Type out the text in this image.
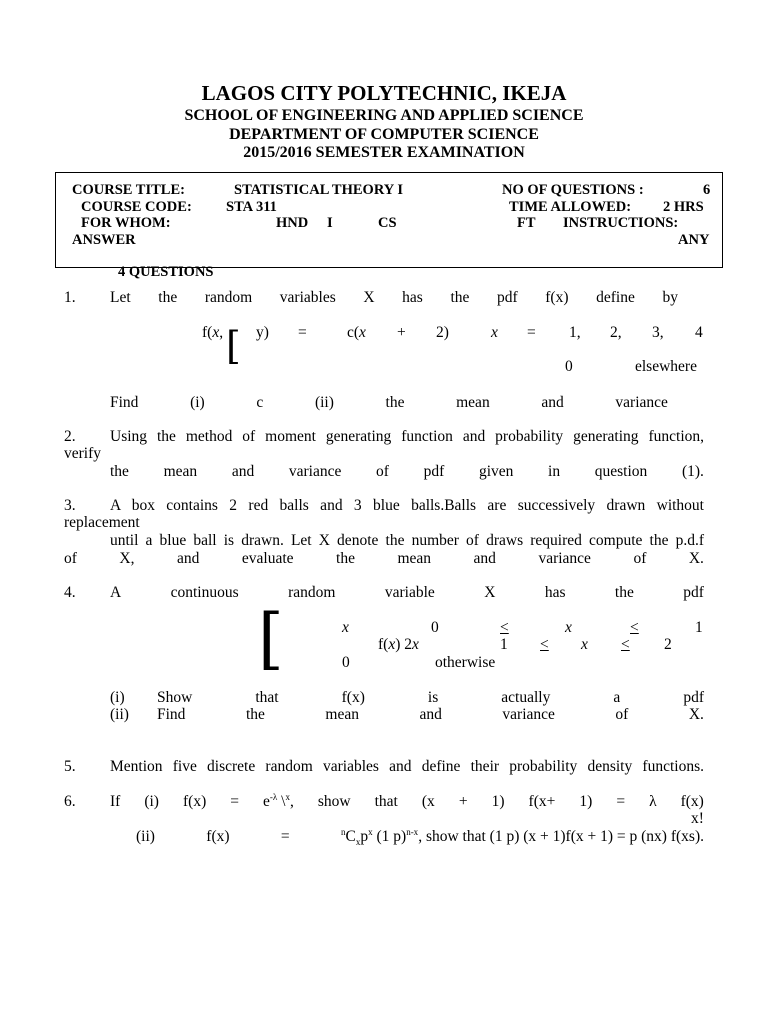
LAGOS CITY POLYTECHNIC, IKEJA
SCHOOL OF ENGINEERING AND APPLIED SCIENCE
DEPARTMENT OF COMPUTER SCIENCE
2015/2016 SEMESTER EXAMINATION
COURSE TITLE:	STATISTICAL THEORY I	NO OF QUESTIONS :	6
COURSE CODE: STA 311	TIME ALLOWED: 2 HRS
FOR WHOM:	HND I	CS	FT INSTRUCTIONS:
ANSWER	ANY
4 QUESTIONS
1. Let the random variables X has the pdf f(x) define by
f(x, [ y) =	c(x + 2)	x = 1, 2, 3, 4
0	elsewhere
Find	(i)	c	(ii)	the	mean	and	variance
2. Using the method of moment generating function and probability generating function,
verify
the mean and variance of pdf given in question (1).
3. A box contains 2 red balls and 3 blue balls.Balls are successively drawn without
replacement
until a blue ball is drawn. Let X denote the number of draws required compute the p.d.f
of	X,	and	evaluate	the	mean	and	variance	of	X.
4. A	continuous	random	variable	X	has	the	pdf
[	x	0	<	x	<	1
f(x) 2x	1 <	x < 2
0	otherwise
(i) Show	that	f(x)	is	actually	a	pdf
(ii) Find	the	mean	and	variance	of	X.
5. Mention five discrete random variables and define their probability density functions.
6. If (i) $f(x) = e^{-\lambda}$ \$^x$, show that (x + 1) f(x+ 1) = λ f(x)
x!
(ii)	f(x)	=	$^nC_xp^x$ (1 p)$^{n-x}$, show that (1 p) (x + 1)f(x + 1) = p (nx) f(xs).
